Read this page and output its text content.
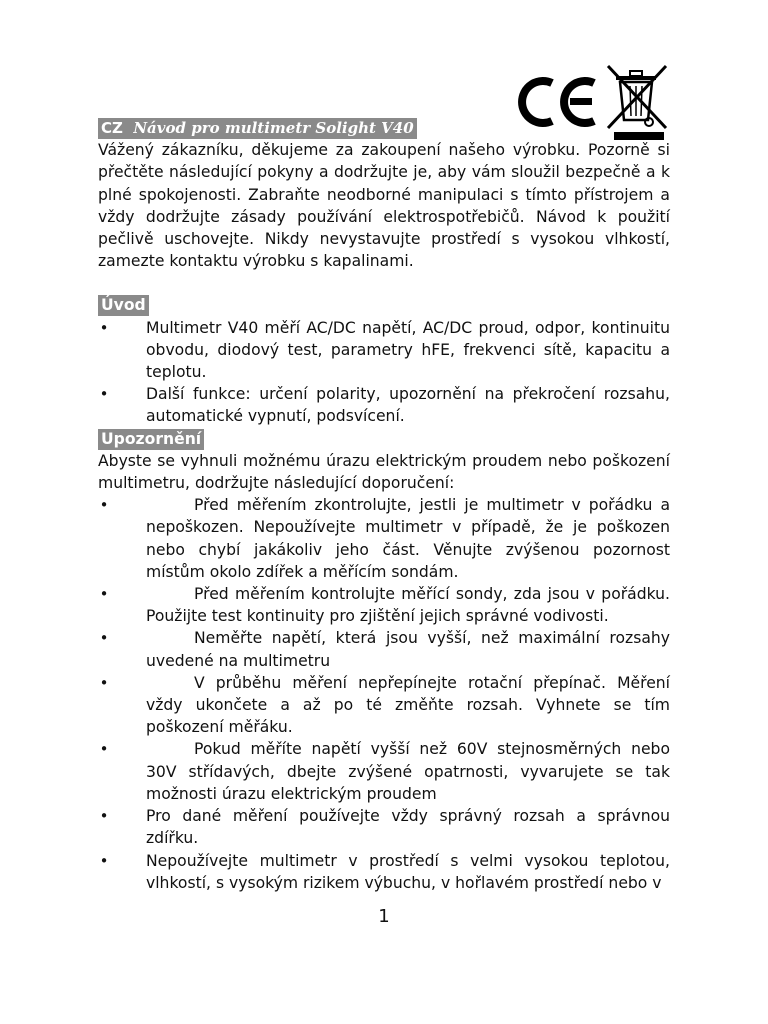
CZ Návod pro multimetr Solight V40

Vážený zákazníku, děkujeme za zakoupení našeho výrobku. Pozorně si přečtěte následující pokyny a dodržujte je, aby vám sloužil bezpečně a k plné spokojenosti. Zabraňte neodborné manipulaci s tímto přístrojem a vždy dodržujte zásady používání elektrospotřebičů. Návod k použití pečlivě uschovejte. Nikdy nevystavujte prostředí s vysokou vlhkostí, zamezte kontaktu výrobku s kapalinami.

Úvod
• Multimetr V40 měří AC/DC napětí, AC/DC proud, odpor, kontinuitu obvodu, diodový test, parametry hFE, frekvenci sítě, kapacitu a teplotu.
• Další funkce: určení polarity, upozornění na překročení rozsahu, automatické vypnutí, podsvícení.
Upozornění

Abyste se vyhnuli možnému úrazu elektrickým proudem nebo poškození multimetru, dodržujte následující doporučení:

•	Před měřením zkontrolujte, jestli je multimetr v pořádku a nepoškozen. Nepoužívejte multimetr v případě, že je poškozen nebo chybí jakákoliv jeho část. Věnujte zvýšenou pozornost místům okolo zdířek a měřícím sondám.
•	Před měřením kontrolujte měřící sondy, zda jsou v pořádku. Použijte test kontinuity pro zjištění jejich správné vodivosti.
•	Neměřte napětí, která jsou vyšší, než maximální rozsahy uvedené na multimetru
•	V průběhu měření nepřepínejte rotační přepínač. Měření vždy ukončete a až po té změňte rozsah. Vyhnete se tím poškození měřáku.
•	Pokud měříte napětí vyšší než 60V stejnosměrných nebo 30V střídavých, dbejte zvýšené opatrnosti, vyvarujete se tak možnosti úrazu elektrickým proudem
• Pro dané měření používejte vždy správný rozsah a správnou zdířku.
• Nepoužívejte multimetr v prostředí s velmi vysokou teplotou, vlhkostí, s vysokým rizikem výbuchu, v hořlavém prostředí nebo v
1
